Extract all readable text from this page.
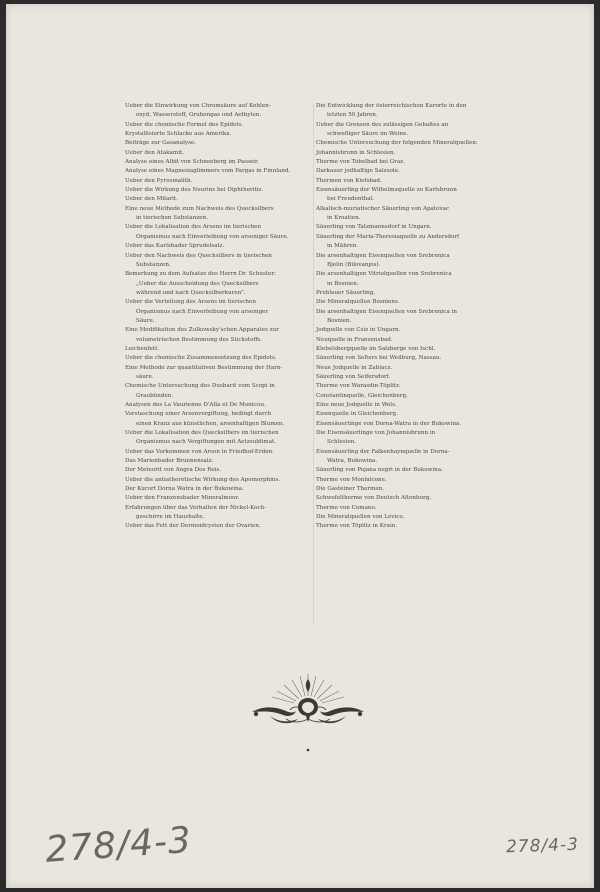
Ueber die Einwirkung von Chromsäure auf Kohlen-
oxyd, Wasserstoff, Grubengas und Aethylen.
Ueber die chemische Formel des Epidots.
Krystallisierte Schlacke aus Amerika.
Beiträge zur Gasanalyse.
Ueber den Atakamit.
Analyse eines Albit von Schneeberg im Passeir.
Analyse eines Magnesiaglimmers vom Pargas in Finnland.
Ueber den Pyrosmalith.
Ueber die Wirkung des Neurins bei Diphtheritis.
Ueber den Milarit.
Eine neue Methode zum Nachweis des Quecksilbers
in tierischen Substanzen.
Ueber die Lokalisation des Arsens im tierischen
Organismus nach Einverleibung von arseniger Säure.
Ueber das Karlsbader Sprudelsalz.
Ueber den Nachweis des Quecksilbers in tierischen
Substanzen.
Bemerkung zu dem Aufsatze des Herrn Dr. Schuster:
„Ueber die Ausscheidung des Quecksilbers
während und nach Quecksilberkuren".
Ueber die Verteilung des Arsens im tierischen
Organismus nach Einverleibung von arseniger
Säure.
Eine Modifikation des Zulkowsky'schen Apparates zur
volumetrischen Bestimmung des Stickstoffs.
Leichenfett.
Ueber die chemische Zusammensetzung des Epidots.
Eine Methode zur quantitativen Bestimmung der Harn-
säure.
Chemische Untersuchung des Dusbarit vom Scopi in
Graubünden.
Analysen des La Vaurienne D'Alla et De Montcou.
Vorstaschung einer Arsenvergiftung, bedingt durch
einen Kranz aus künstlichen, arsenhaltigen Blumen.
Ueber die Lokalisation des Quecksilbers im tierischen
Organismus nach Vergiftungen mit Aetzsublimat.
Ueber das Vorkommen von Arsen in Friedhof-Erden.
Das Marienbader Brunnensalz.
Der Meteorit von Angra Dos Reis.
Ueber die antiatheretische Wirkung des Apomorphins.
Der Kurort Dorna Watra in der Bukowina.
Ueber den Franzensbader Mineralmoor.
Erfahrungen über das Verhalten der Nickel-Koch-
geschirre im Haushalte.
Ueber das Fett der Dermoidcysten der Ovarien.
Die Entwicklung der österreichischen Kurorte in den
letzten 50 Jahren.
Ueber die Grenzen des zulässigen Gehaltes an
schwefliger Säure im Weine.
Chemische Untersuchung der folgenden Mineralquellen:
Johannisbrunn in Schlesien.
Therme von Tobelbad bei Graz.
Darkauer jodhaltige Salzsole.
Thermen von Kiefsbad.
Eisensäuerling der Wilhelmsquelle zu Karlsbrunn
bei Freudenthal.
Alkalisch-muriatischer Säuerling von Apatovac
in Kroatien.
Säuerling von Tatzmannsdorf in Ungarn.
Säuerling der Maria-Theresiaquelle zu Andersdorf
in Mähren.
Die arsenhaltigen Eisenquellen von Srebrenica
Bjelin (Bilovanjos).
Die arsenhaltigen Vitriolquellen von Srebrenica
in Bosnien.
Preblauer Säuerling.
Die Mineralquellen Bosniens.
Die arsenhaltigen Eisenquellen von Srebrenica in
Bosnien.
Jodquelle von Csiz in Ungarn.
Neuquelle in Franzensbad.
Klebelsbergquelle im Salzberge von Ischl.
Säuerling von Selters bei Weilburg, Nassau.
Neue Jodquelle in Zablacz.
Säuerling von Seifersdorf.
Therme von Warasdin-Töplitz.
Constantinquelle, Gleichenberg.
Eine neue Jodquelle in Wels.
Eisenquelle in Gleichenberg.
Eisensäuerlinge von Dorna-Watra in der Bukowina.
Die Eisensäuerlinge von Johannisbrunn in
Schlesien.
Eisensäuerling der Falkenhaynquelle in Dorna-
Watra, Bukowina.
Säuerling von Pojana negri in der Bukowina.
Therme von Monfalcone.
Die Gasteiner Thermen.
Schwefeltherme von Deutsch Altenburg.
Therme von Comano.
Die Mineralquellen von Levico.
Therme von Töplitz in Krain.
278/4-3	278/4-3
